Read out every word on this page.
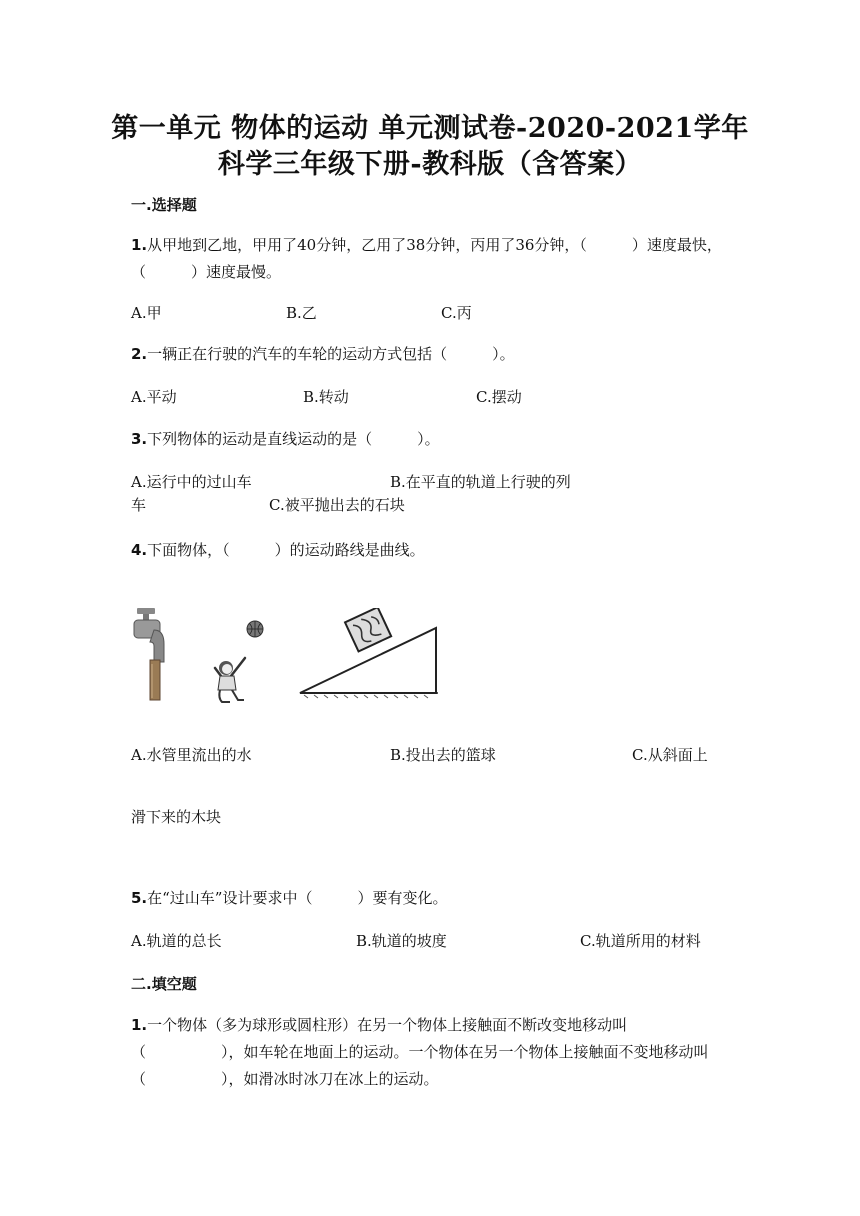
第一单元 物体的运动 单元测试卷-2020-2021学年
科学三年级下册-教科版（含答案）
一.选择题
1.从甲地到乙地，甲用了40分钟，乙用了38分钟，丙用了36分钟，（　　　）速度最快，（　　　）速度最慢。
A.甲	B.乙	C.丙
2.一辆正在行驶的汽车的车轮的运动方式包括（　　　）。
A.平动	B.转动	C.摆动
3.下列物体的运动是直线运动的是（　　　）。
A.运行中的过山车	B.在平直的轨道上行驶的列
车	C.被平抛出去的石块
4.下面物体，（　　　）的运动路线是曲线。
A.水管里流出的水	B.投出去的篮球	C.从斜面上
滑下来的木块
5.在“过山车”设计要求中（　　　）要有变化。
A.轨道的总长	B.轨道的坡度	C.轨道所用的材料
二.填空题
1.一个物体（多为球形或圆柱形）在另一个物体上接触面不断改变地移动叫（　　　　　），如车轮在地面上的运动。一个物体在另一个物体上接触面不变地移动叫（　　　　　），如滑冰时冰刀在冰上的运动。
